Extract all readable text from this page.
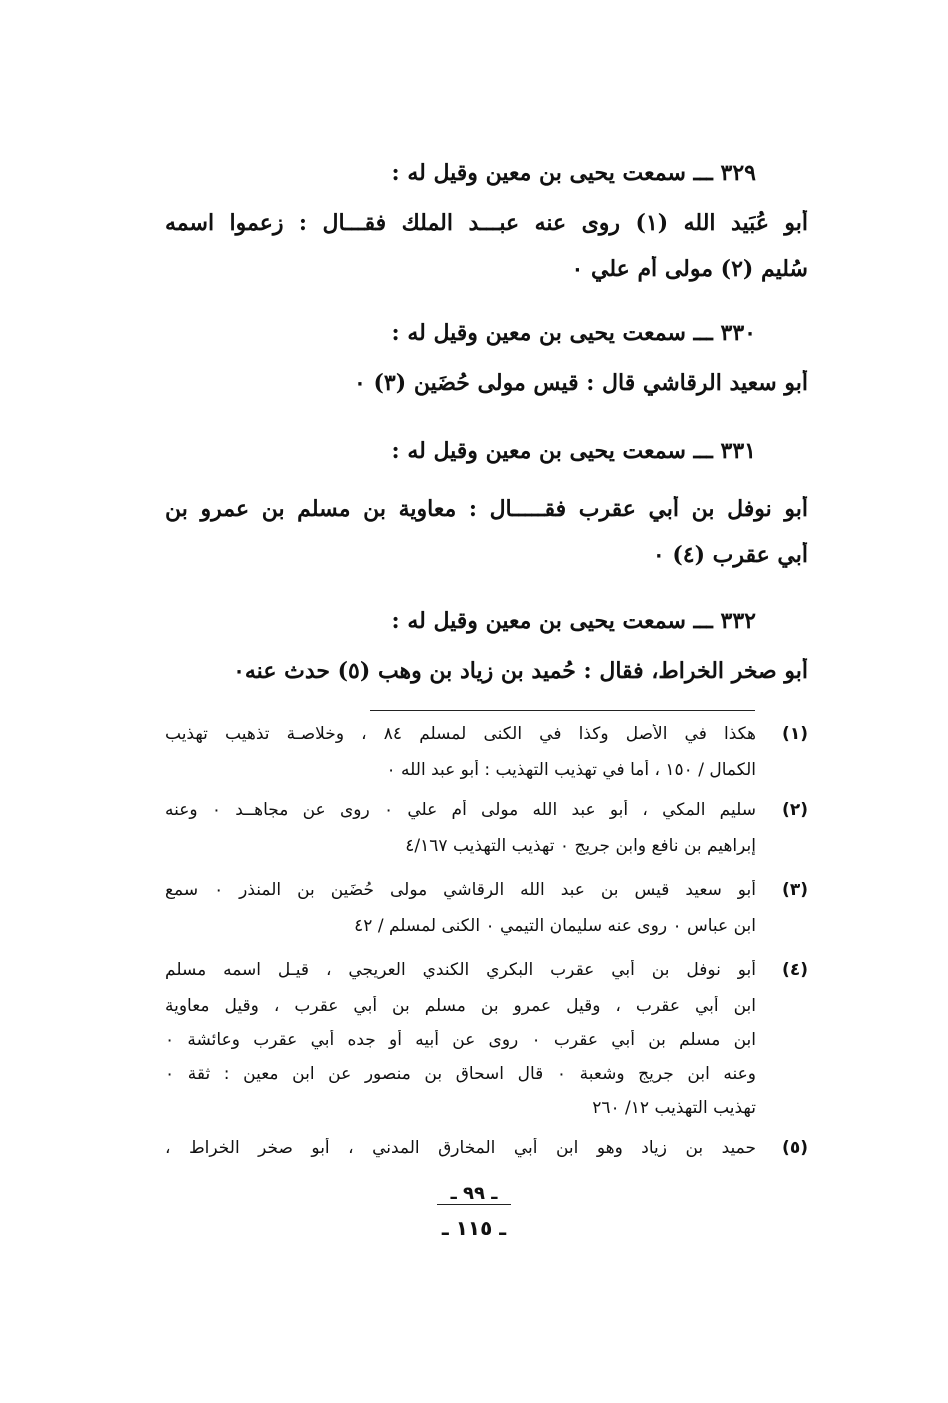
٣٢٩ ـــ سمعت يحيى بن معين وقيل له :
أبو عُبَيد الله (١) روى عنه عبـــد الملك فقـــال : زعموا اسمه
سُليم (٢) مولى أم علي ٠
٣٣٠ ـــ سمعت يحيى بن معين وقيل له :
أبو سعيد الرقاشي قال : قيس مولى حُضَين (٣) ٠
٣٣١ ـــ سمعت يحيى بن معين وقيل له :
أبو نوفل بن أبي عقرب فقـــــال : معاوية بن مسلم بن عمرو بن
أبي عقرب (٤) ٠
٣٣٢ ـــ سمعت يحيى بن معين وقيل له :
أبو صخر الخراط، فقال : حُميد بن زياد بن وهب (٥) حدث عنه٠
(١)
هكذا في الأصل وكذا في الكنى لمسلم ٨٤ ، وخلاصـة تذهيب تهذيب
الكمال / ١٥٠ ، أما في تهذيب التهذيب : أبو عبد الله ٠
(٢)
سليم المكي ، أبو عبد الله مولى أم علي ٠ روى عن مجاهــد ٠ وعنه
إبراهيم بن نافع وابن جريج ٠ تهذيب التهذيب ٤/١٦٧
(٣)
أبو سعيد قيس بن عبد الله الرقاشي مولى حُضَين بن المنذر ٠ سمع
ابن عباس ٠ روى عنه سليمان التيمي ٠ الكنى لمسلم / ٤٢
(٤)
أبو نوفل بن أبي عقرب البكري الكندي العريجي ، قيـل اسمه مسلم
ابن أبي عقرب ، وقيل عمرو بن مسلم بن أبي عقرب ، وقيل معاوية
ابن مسلم بن أبي عقرب ٠ روى عن أبيه أو جده أبي عقرب وعائشة ٠
وعنه ابن جريج وشعبة ٠ قال اسحاق بن منصور عن ابن معين : ثقة ٠
تهذيب التهذيب ١٢/ ٢٦٠
(٥)
حميد بن زياد وهو ابن أبي المخارق المدني ، أبو صخر الخراط ،
ـ ٩٩ ـ
ـ ١١٥ ـ
